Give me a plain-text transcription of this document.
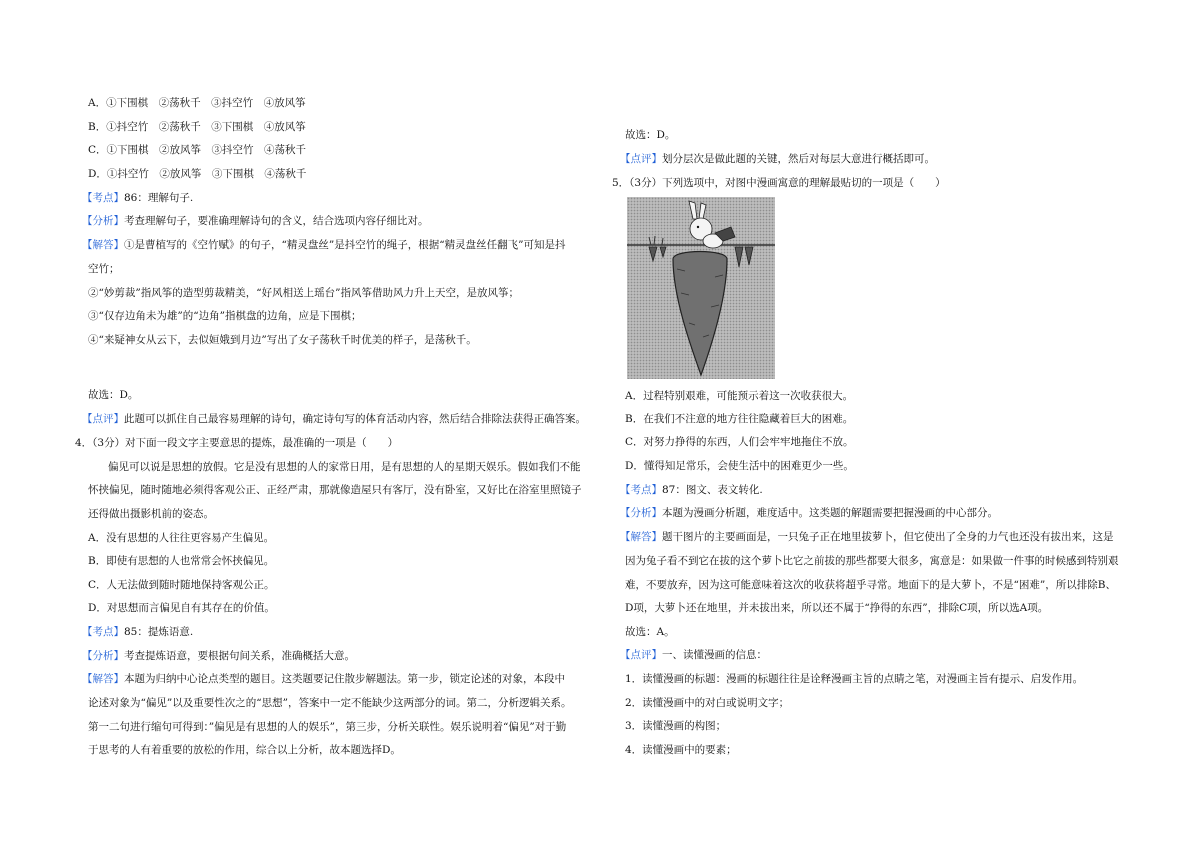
A．①下围棋　②荡秋千　③抖空竹　④放风筝
B．①抖空竹　②荡秋千　③下围棋　④放风筝
C．①下围棋　②放风筝　③抖空竹　④荡秋千
D．①抖空竹　②放风筝　③下围棋　④荡秋千
【考点】86：理解句子.
【分析】考查理解句子，要准确理解诗句的含义，结合选项内容仔细比对。
【解答】①是曹植写的《空竹赋》的句子，“精灵盘丝”是抖空竹的绳子，根据“精灵盘丝任翻飞”可知是抖
空竹；
②“妙剪裁”指风筝的造型剪裁精美，“好风相送上瑶台”指风筝借助风力升上天空，是放风筝；
③“仅存边角未为雄”的“边角”指棋盘的边角，应是下围棋；
④“来疑神女从云下，去似姮娥到月边”写出了女子荡秋千时优美的样子，是荡秋千。
故选：D。
【点评】此题可以抓住自己最容易理解的诗句，确定诗句写的体育活动内容，然后结合排除法获得正确答案。
4．（3分）对下面一段文字主要意思的提炼，最准确的一项是（　　）
偏见可以说是思想的放假。它是没有思想的人的家常日用，是有思想的人的星期天娱乐。假如我们不能
怀挟偏见，随时随地必须得客观公正、正经严肃，那就像造屋只有客厅，没有卧室，又好比在浴室里照镜子
还得做出摄影机前的姿态。
A．没有思想的人往往更容易产生偏见。
B．即使有思想的人也常常会怀挟偏见。
C．人无法做到随时随地保持客观公正。
D．对思想而言偏见自有其存在的价值。
【考点】85：提炼语意.
【分析】考查提炼语意，要根据句间关系，准确概括大意。
【解答】本题为归纳中心论点类型的题目。这类题要记住散步解题法。第一步，锁定论述的对象，本段中
论述对象为“偏见”以及重要性次之的“思想”，答案中一定不能缺少这两部分的词。第二，分析逻辑关系。
第一二句进行缩句可得到：”偏见是有思想的人的娱乐”，第三步，分析关联性。娱乐说明着“偏见”对于勤
于思考的人有着重要的放松的作用，综合以上分析，故本题选择D。
故选：D。
【点评】划分层次是做此题的关键，然后对每层大意进行概括即可。
5．（3分）下列选项中，对图中漫画寓意的理解最贴切的一项是（　　）
A．过程特别艰难，可能预示着这一次收获很大。
B．在我们不注意的地方往往隐藏着巨大的困难。
C．对努力挣得的东西，人们会牢牢地拖住不放。
D．懂得知足常乐，会使生活中的困难更少一些。
【考点】87：图文、表文转化.
【分析】本题为漫画分析题，难度适中。这类题的解题需要把握漫画的中心部分。
【解答】题干图片的主要画面是，一只兔子正在地里拔萝卜，但它使出了全身的力气也还没有拔出来，这是
因为兔子看不到它在拔的这个萝卜比它之前拔的那些都要大很多，寓意是：如果做一件事的时候感到特别艰
难，不要放弃，因为这可能意味着这次的收获将超乎寻常。地面下的是大萝卜，不是“困难”，所以排除B、
D项，大萝卜还在地里，并未拔出来，所以还不属于“挣得的东西”，排除C项，所以选A项。
故选：A。
【点评】一、读懂漫画的信息：
1．读懂漫画的标题：漫画的标题往往是诠释漫画主旨的点睛之笔，对漫画主旨有提示、启发作用。
2．读懂漫画中的对白或说明文字；
3．读懂漫画的构图；
4．读懂漫画中的要素；
